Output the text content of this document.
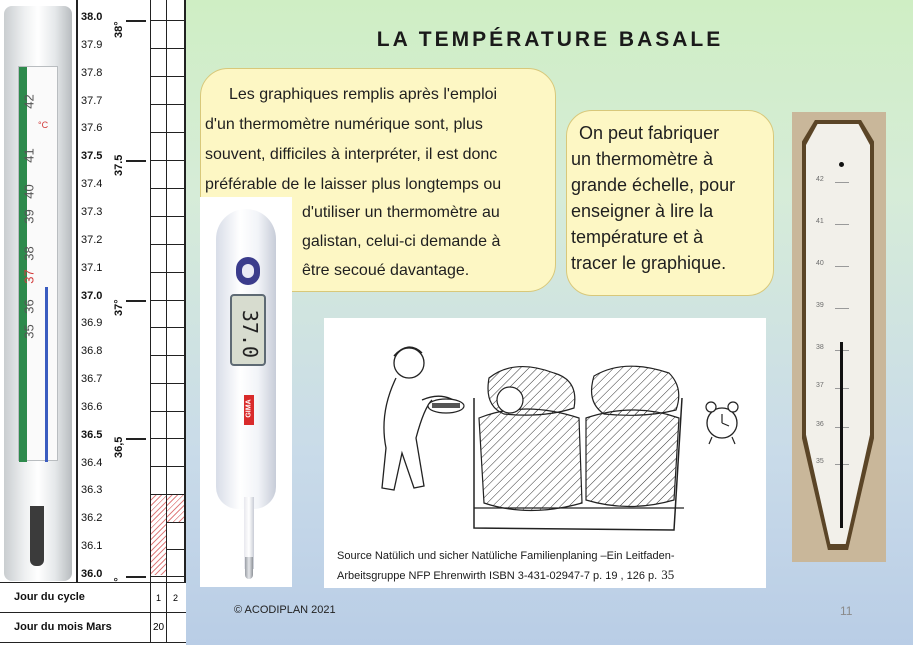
42
41
40
39
38
37
36
35
°C
38.0
37.9
37.8
37.7
37.6
37.5
37.4
37.3
37.2
37.1
37.0
36.9
36.8
36.7
36.6
36.5
36.4
36.3
36.2
36.1
36.0
38°
37.5
37°
36,5
Jour du cycle	1	2
Jour du mois Mars	20
LA TEMPÉRATURE BASALE
Les graphiques remplis après l'emploi
d'un thermomètre numérique sont, plus
souvent, difficiles à interpréter, il est donc
préférable de le laisser plus longtemps ou
d'utiliser un thermomètre au
galistan, celui-ci demande à
être secoué davantage.
37.0
GIMA
On peut fabriquer
un thermomètre à
grande échelle, pour
enseigner à lire la
température et à
tracer le graphique.
Source Natülich und sicher Natüliche Familienplaning –Ein Leitfaden-
Arbeitsgruppe NFP Ehrenwirth ISBN 3-431-02947-7 p. 19 , 126 p. 35
42
41
40
39
38
37
36
35
© ACODIPLAN 2021	11
